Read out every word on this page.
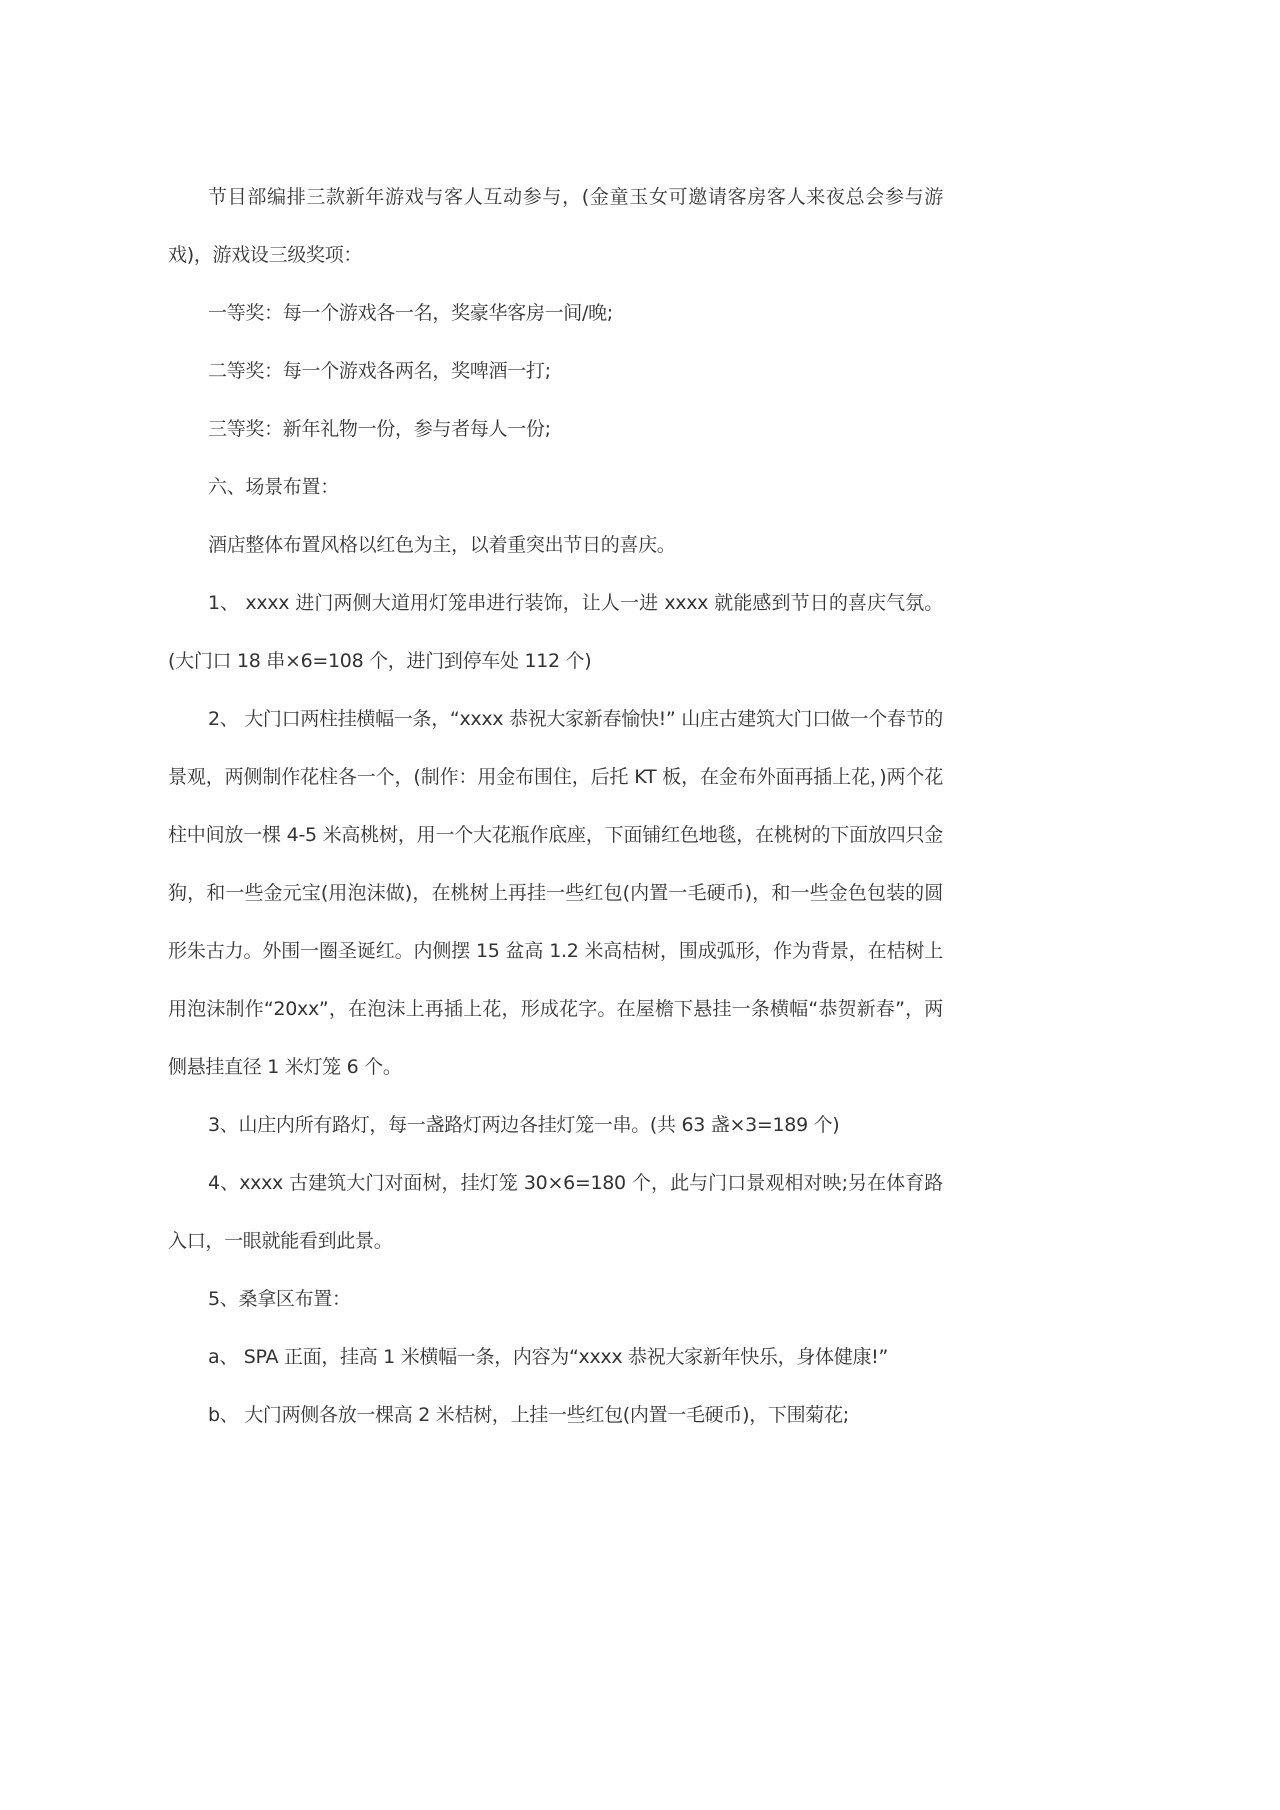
节目部编排三款新年游戏与客人互动参与，(金童玉女可邀请客房客人来夜总会参与游戏)，游戏设三级奖项：

一等奖：每一个游戏各一名，奖豪华客房一间/晚;

二等奖：每一个游戏各两名，奖啤酒一打;

三等奖：新年礼物一份，参与者每人一份;

六、场景布置：

酒店整体布置风格以红色为主，以着重突出节日的喜庆。

1、 xxxx 进门两侧大道用灯笼串进行装饰，让人一进 xxxx 就能感到节日的喜庆气氛。(大门口 18 串×6=108 个，进门到停车处 112 个)

2、 大门口两柱挂横幅一条，“xxxx 恭祝大家新春愉快!” 山庄古建筑大门口做一个春节的景观，两侧制作花柱各一个，(制作：用金布围住，后托 KT 板，在金布外面再插上花，)两个花柱中间放一棵 4-5 米高桃树，用一个大花瓶作底座，下面铺红色地毯，在桃树的下面放四只金狗，和一些金元宝(用泡沫做)，在桃树上再挂一些红包(内置一毛硬币)，和一些金色包装的圆形朱古力。外围一圈圣诞红。内侧摆 15 盆高 1.2 米高桔树，围成弧形，作为背景，在桔树上用泡沫制作“20xx”，在泡沫上再插上花，形成花字。在屋檐下悬挂一条横幅“恭贺新春”，两侧悬挂直径 1 米灯笼 6 个。

3、山庄内所有路灯，每一盏路灯两边各挂灯笼一串。(共 63 盏×3=189 个)

4、xxxx 古建筑大门对面树，挂灯笼 30×6=180 个，此与门口景观相对映;另在体育路入口，一眼就能看到此景。

5、桑拿区布置：

a、 SPA 正面，挂高 1 米横幅一条，内容为“xxxx 恭祝大家新年快乐，身体健康!”

b、 大门两侧各放一棵高 2 米桔树，上挂一些红包(内置一毛硬币)，下围菊花;
